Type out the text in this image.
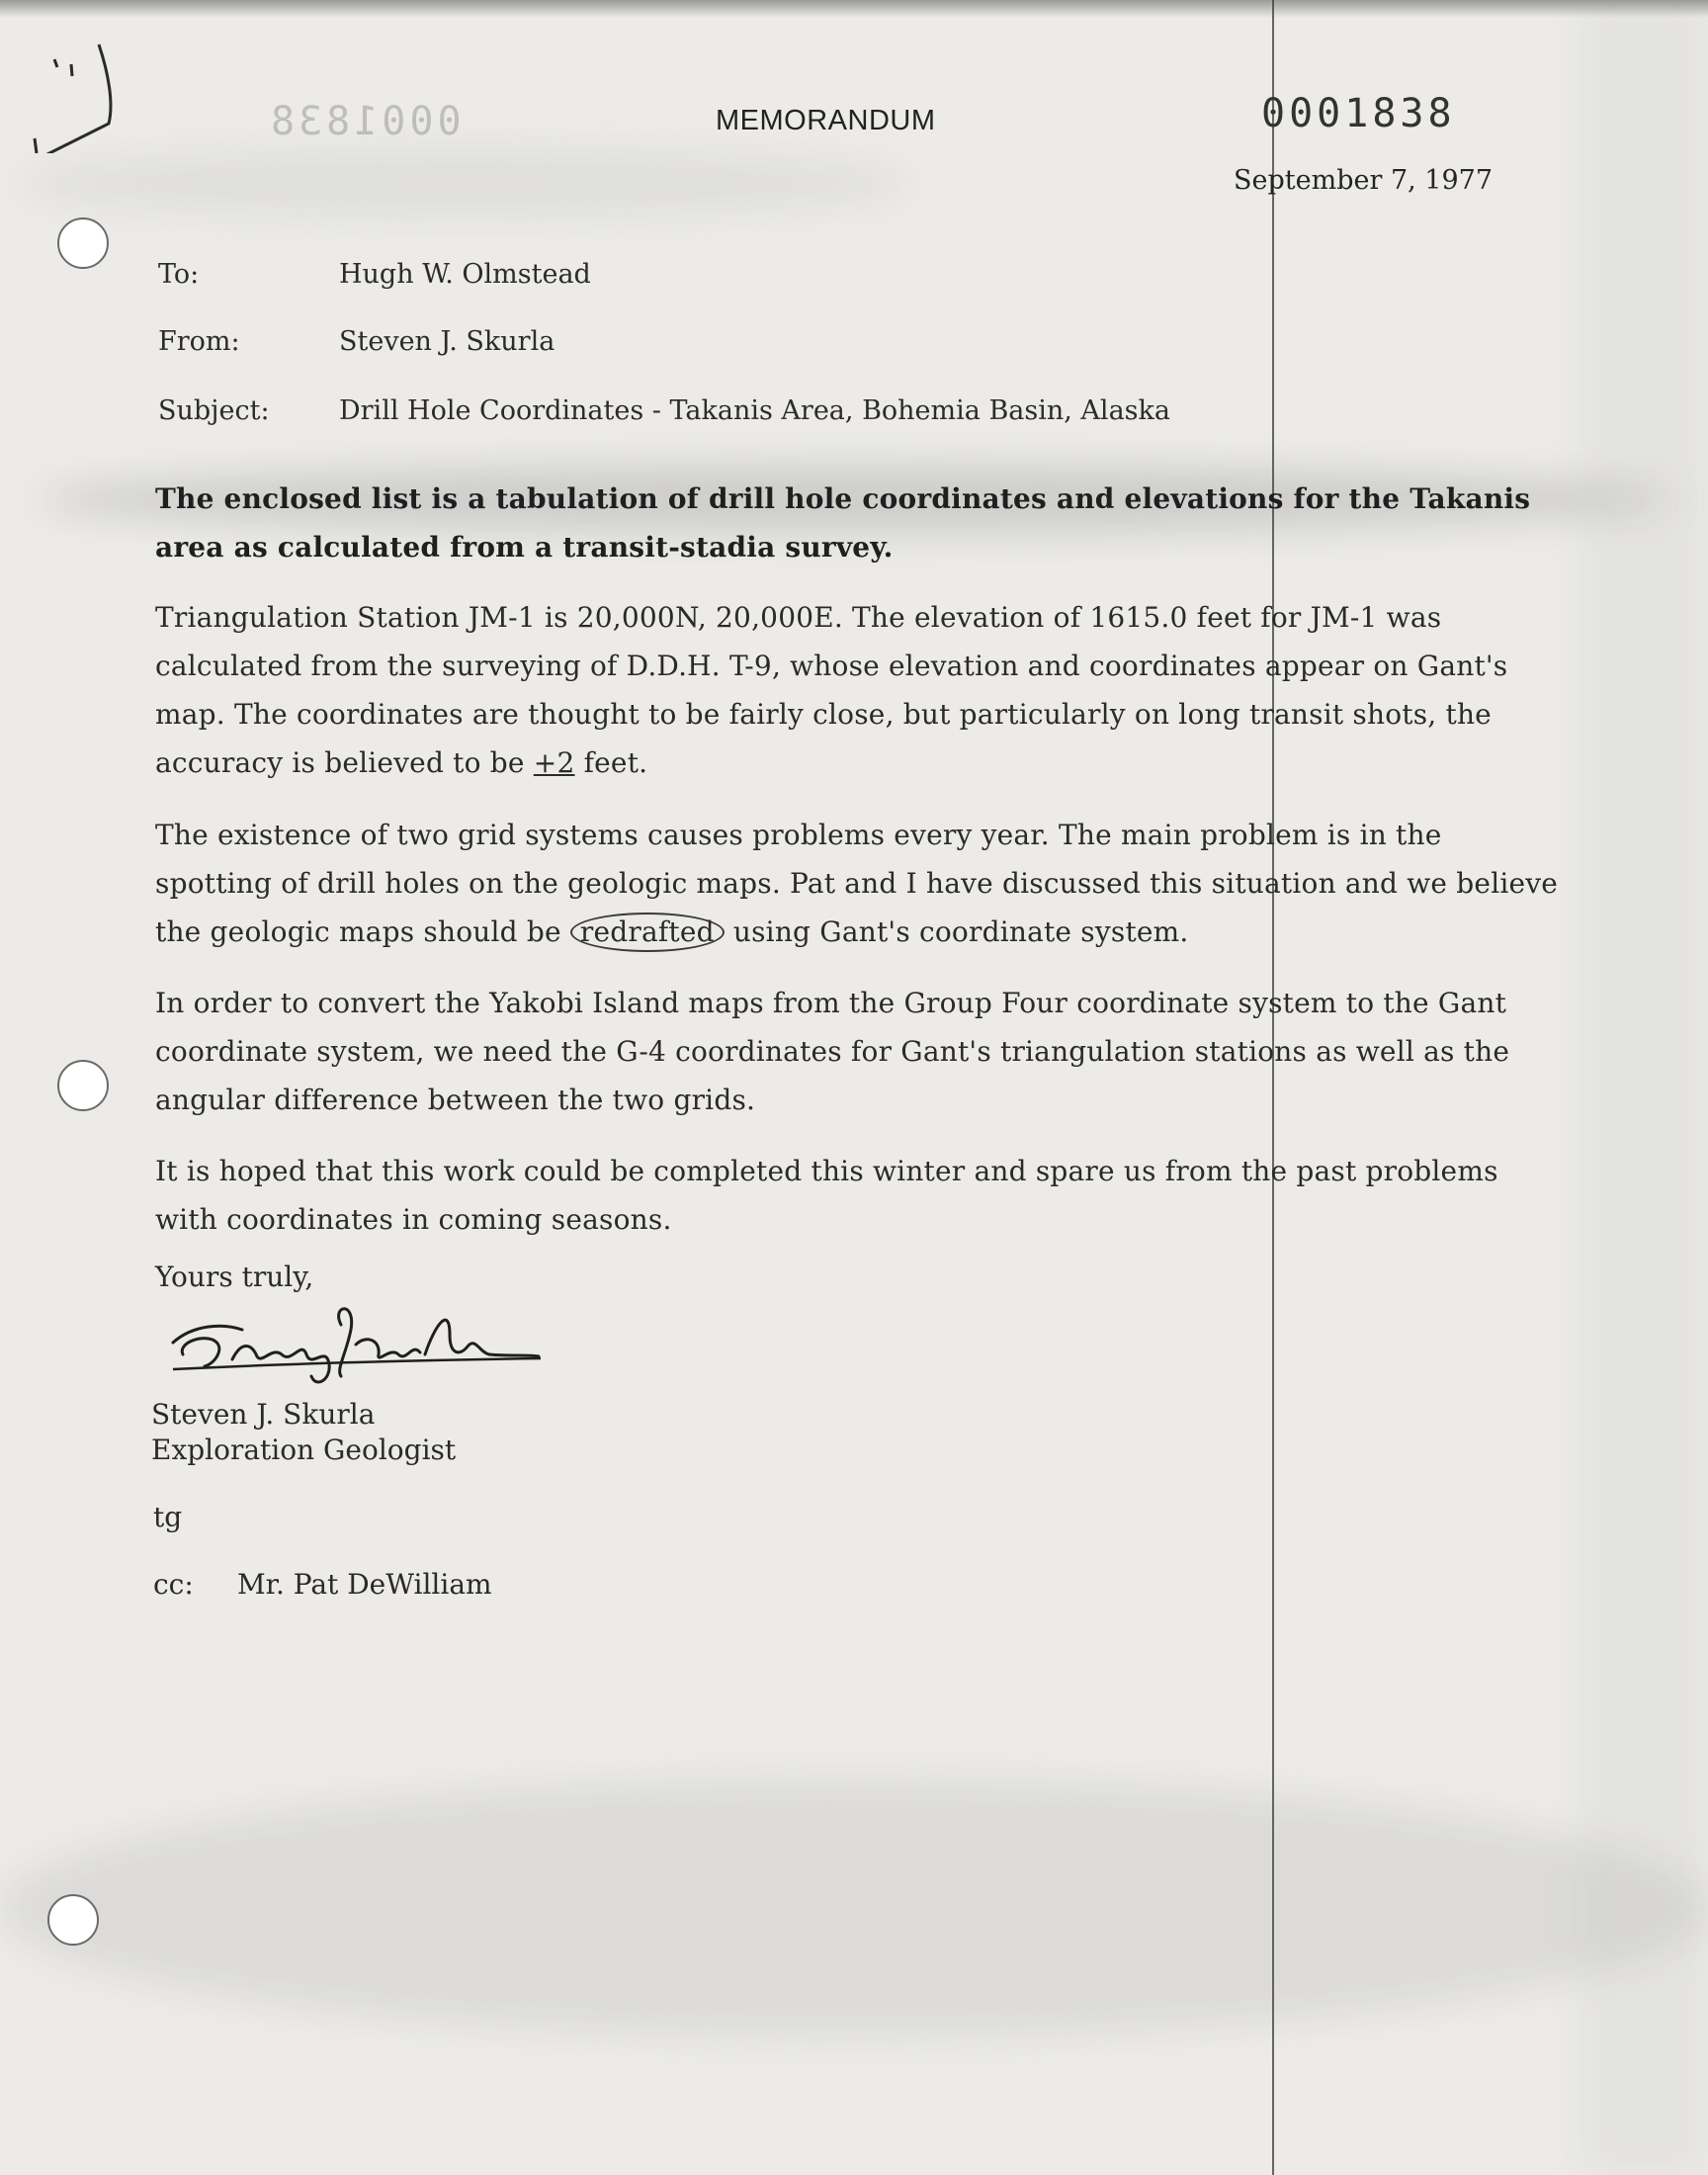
0001838	MEMORANDUM	0001838
September 7, 1977
To:	Hugh W. Olmstead
From:	Steven J. Skurla
Subject:	Drill Hole Coordinates - Takanis Area, Bohemia Basin, Alaska

The enclosed list is a tabulation of drill hole coordinates and elevations for the Takanis area as calculated from a transit-stadia survey.

Triangulation Station JM-1 is 20,000N, 20,000E. The elevation of 1615.0 feet for JM-1 was calculated from the surveying of D.D.H. T-9, whose elevation and coordinates appear on Gant's map. The coordinates are thought to be fairly close, but particularly on long transit shots, the accuracy is believed to be +2 feet.

The existence of two grid systems causes problems every year. The main problem is in the spotting of drill holes on the geologic maps. Pat and I have discussed this situation and we believe the geologic maps should be redrafted using Gant's coordinate system.

In order to convert the Yakobi Island maps from the Group Four coordinate system to the Gant coordinate system, we need the G-4 coordinates for Gant's triangulation stations as well as the angular difference between the two grids.

It is hoped that this work could be completed this winter and spare us from the past problems with coordinates in coming seasons.

Yours truly,
Steven J. Skurla
Exploration Geologist
tg
cc: Mr. Pat DeWilliam
